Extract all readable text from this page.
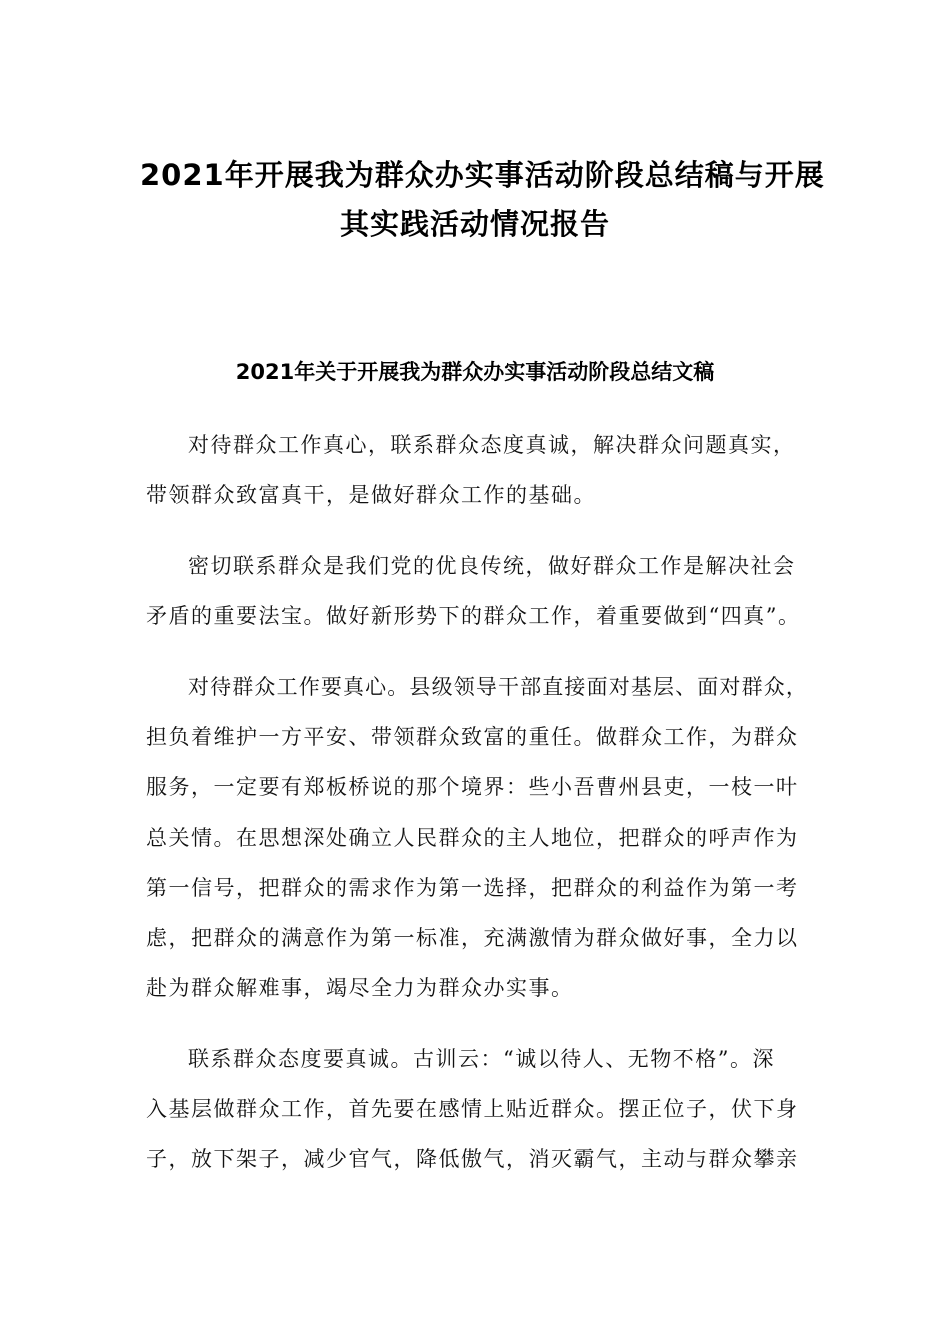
2021年开展我为群众办实事活动阶段总结稿与开展
其实践活动情况报告
2021年关于开展我为群众办实事活动阶段总结文稿
对待群众工作真心，联系群众态度真诚，解决群众问题真实，
带领群众致富真干，是做好群众工作的基础。
密切联系群众是我们党的优良传统，做好群众工作是解决社会
矛盾的重要法宝。做好新形势下的群众工作，着重要做到“四真”。
对待群众工作要真心。县级领导干部直接面对基层、面对群众，
担负着维护一方平安、带领群众致富的重任。做群众工作，为群众
服务，一定要有郑板桥说的那个境界：些小吾曹州县吏，一枝一叶
总关情。在思想深处确立人民群众的主人地位，把群众的呼声作为
第一信号，把群众的需求作为第一选择，把群众的利益作为第一考
虑，把群众的满意作为第一标准，充满激情为群众做好事，全力以
赴为群众解难事，竭尽全力为群众办实事。
联系群众态度要真诚。古训云：“诚以待人、无物不格”。深
入基层做群众工作，首先要在感情上贴近群众。摆正位子，伏下身
子，放下架子，减少官气，降低傲气，消灭霸气，主动与群众攀亲
